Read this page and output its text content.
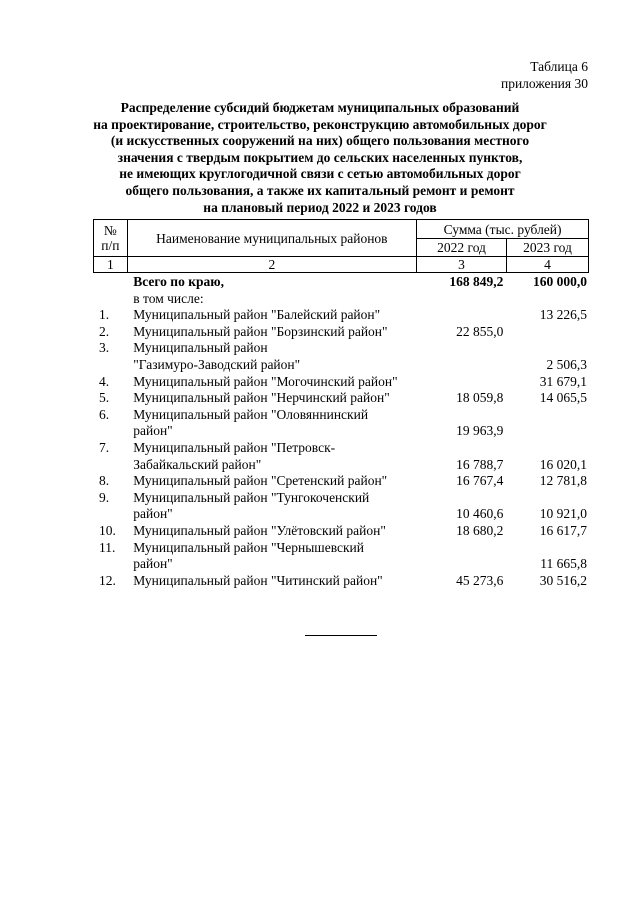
Таблица 6
приложения 30
Распределение субсидий бюджетам муниципальных образований
на проектирование, строительство, реконструкцию автомобильных дорог
(и искусственных сооружений на них) общего пользования местного
значения с твердым покрытием до сельских населенных пунктов,
не имеющих круглогодичной связи с сетью автомобильных дорог
общего пользования, а также их капитальный ремонт и ремонт
на плановый период 2022 и 2023 годов
№
п/п	Наименование муниципальных районов	Сумма (тыс. рублей)	
		2022 год	2023 год
1	2	3	4
	Всего по краю,
в том числе:	168 849,2	160 000,0
1.	Муниципальный район "Балейский район"		13 226,5
2.	Муниципальный район "Борзинский район"	22 855,0	
3.	Муниципальный район
"Газимуро-Заводский район"		2 506,3
4.	Муниципальный район "Могочинский район"		31 679,1
5.	Муниципальный район "Нерчинский район"	18 059,8	14 065,5
6.	Муниципальный район "Оловяннинский
район"	19 963,9	
7.	Муниципальный район "Петровск-
Забайкальский район"	16 788,7	16 020,1
8.	Муниципальный район "Сретенский район"	16 767,4	12 781,8
9.	Муниципальный район "Тунгокоченский
район"	10 460,6	10 921,0
10.	Муниципальный район "Улётовский район"	18 680,2	16 617,7
11.	Муниципальный район "Чернышевский
район"		11 665,8
12.	Муниципальный район "Читинский район"	45 273,6	30 516,2
